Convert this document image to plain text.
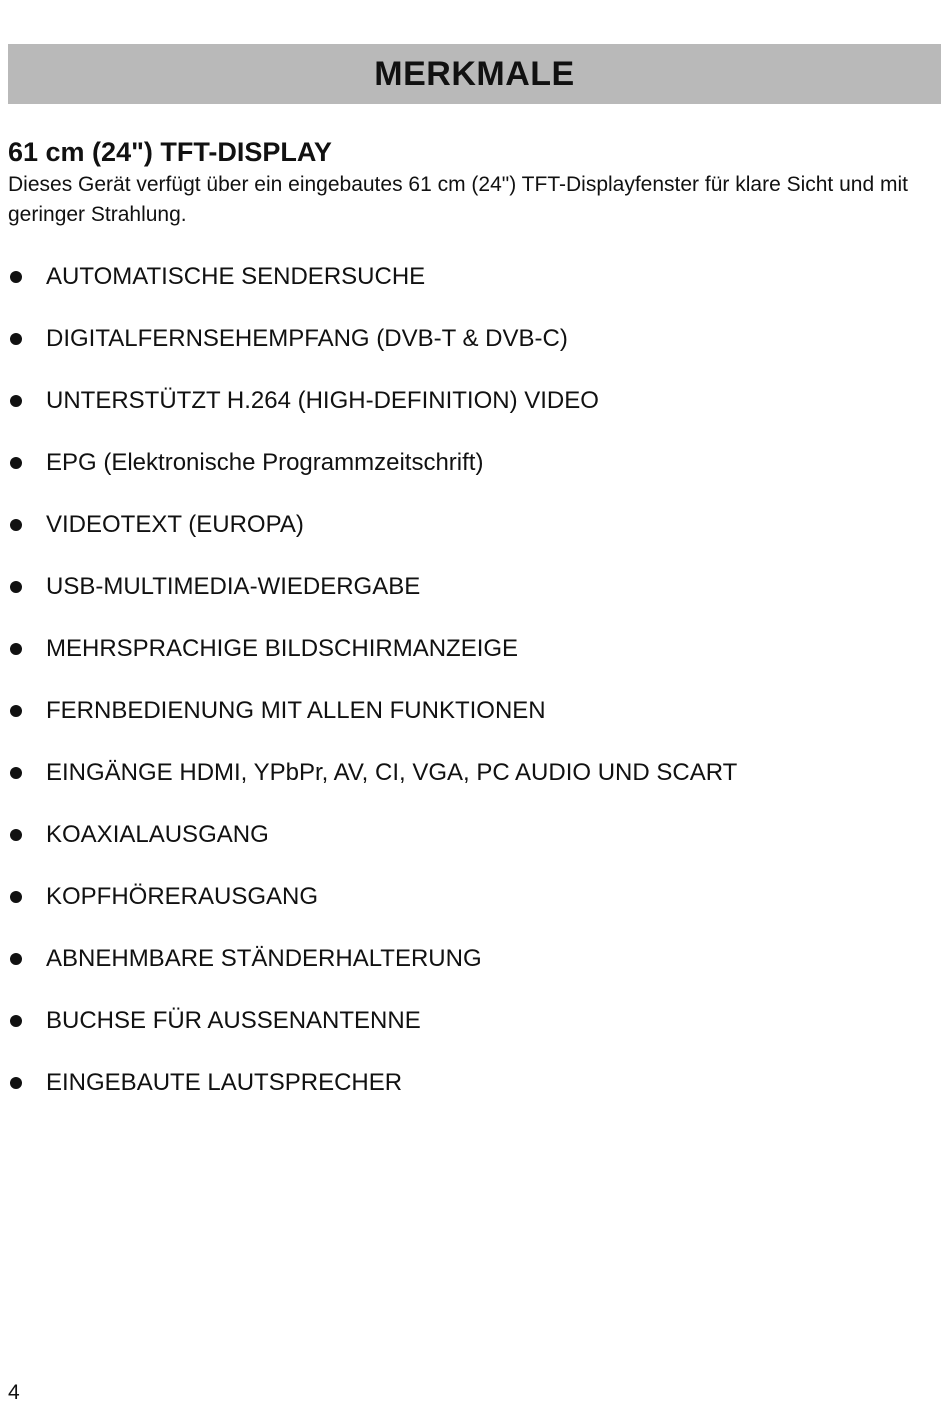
MERKMALE
61 cm (24") TFT-DISPLAY

Dieses Gerät verfügt über ein eingebautes 61 cm (24") TFT-Displayfenster für klare Sicht und mit geringer Strahlung.

AUTOMATISCHE SENDERSUCHE
DIGITALFERNSEHEMPFANG (DVB-T & DVB-C)
UNTERSTÜTZT H.264 (HIGH-DEFINITION) VIDEO
EPG (Elektronische Programmzeitschrift)
VIDEOTEXT (EUROPA)
USB-MULTIMEDIA-WIEDERGABE
MEHRSPRACHIGE BILDSCHIRMANZEIGE
FERNBEDIENUNG MIT ALLEN FUNKTIONEN
EINGÄNGE HDMI, YPbPr, AV, CI, VGA, PC AUDIO UND SCART
KOAXIALAUSGANG
KOPFHÖRERAUSGANG
ABNEHMBARE STÄNDERHALTERUNG
BUCHSE FÜR AUSSENANTENNE
EINGEBAUTE LAUTSPRECHER
4
